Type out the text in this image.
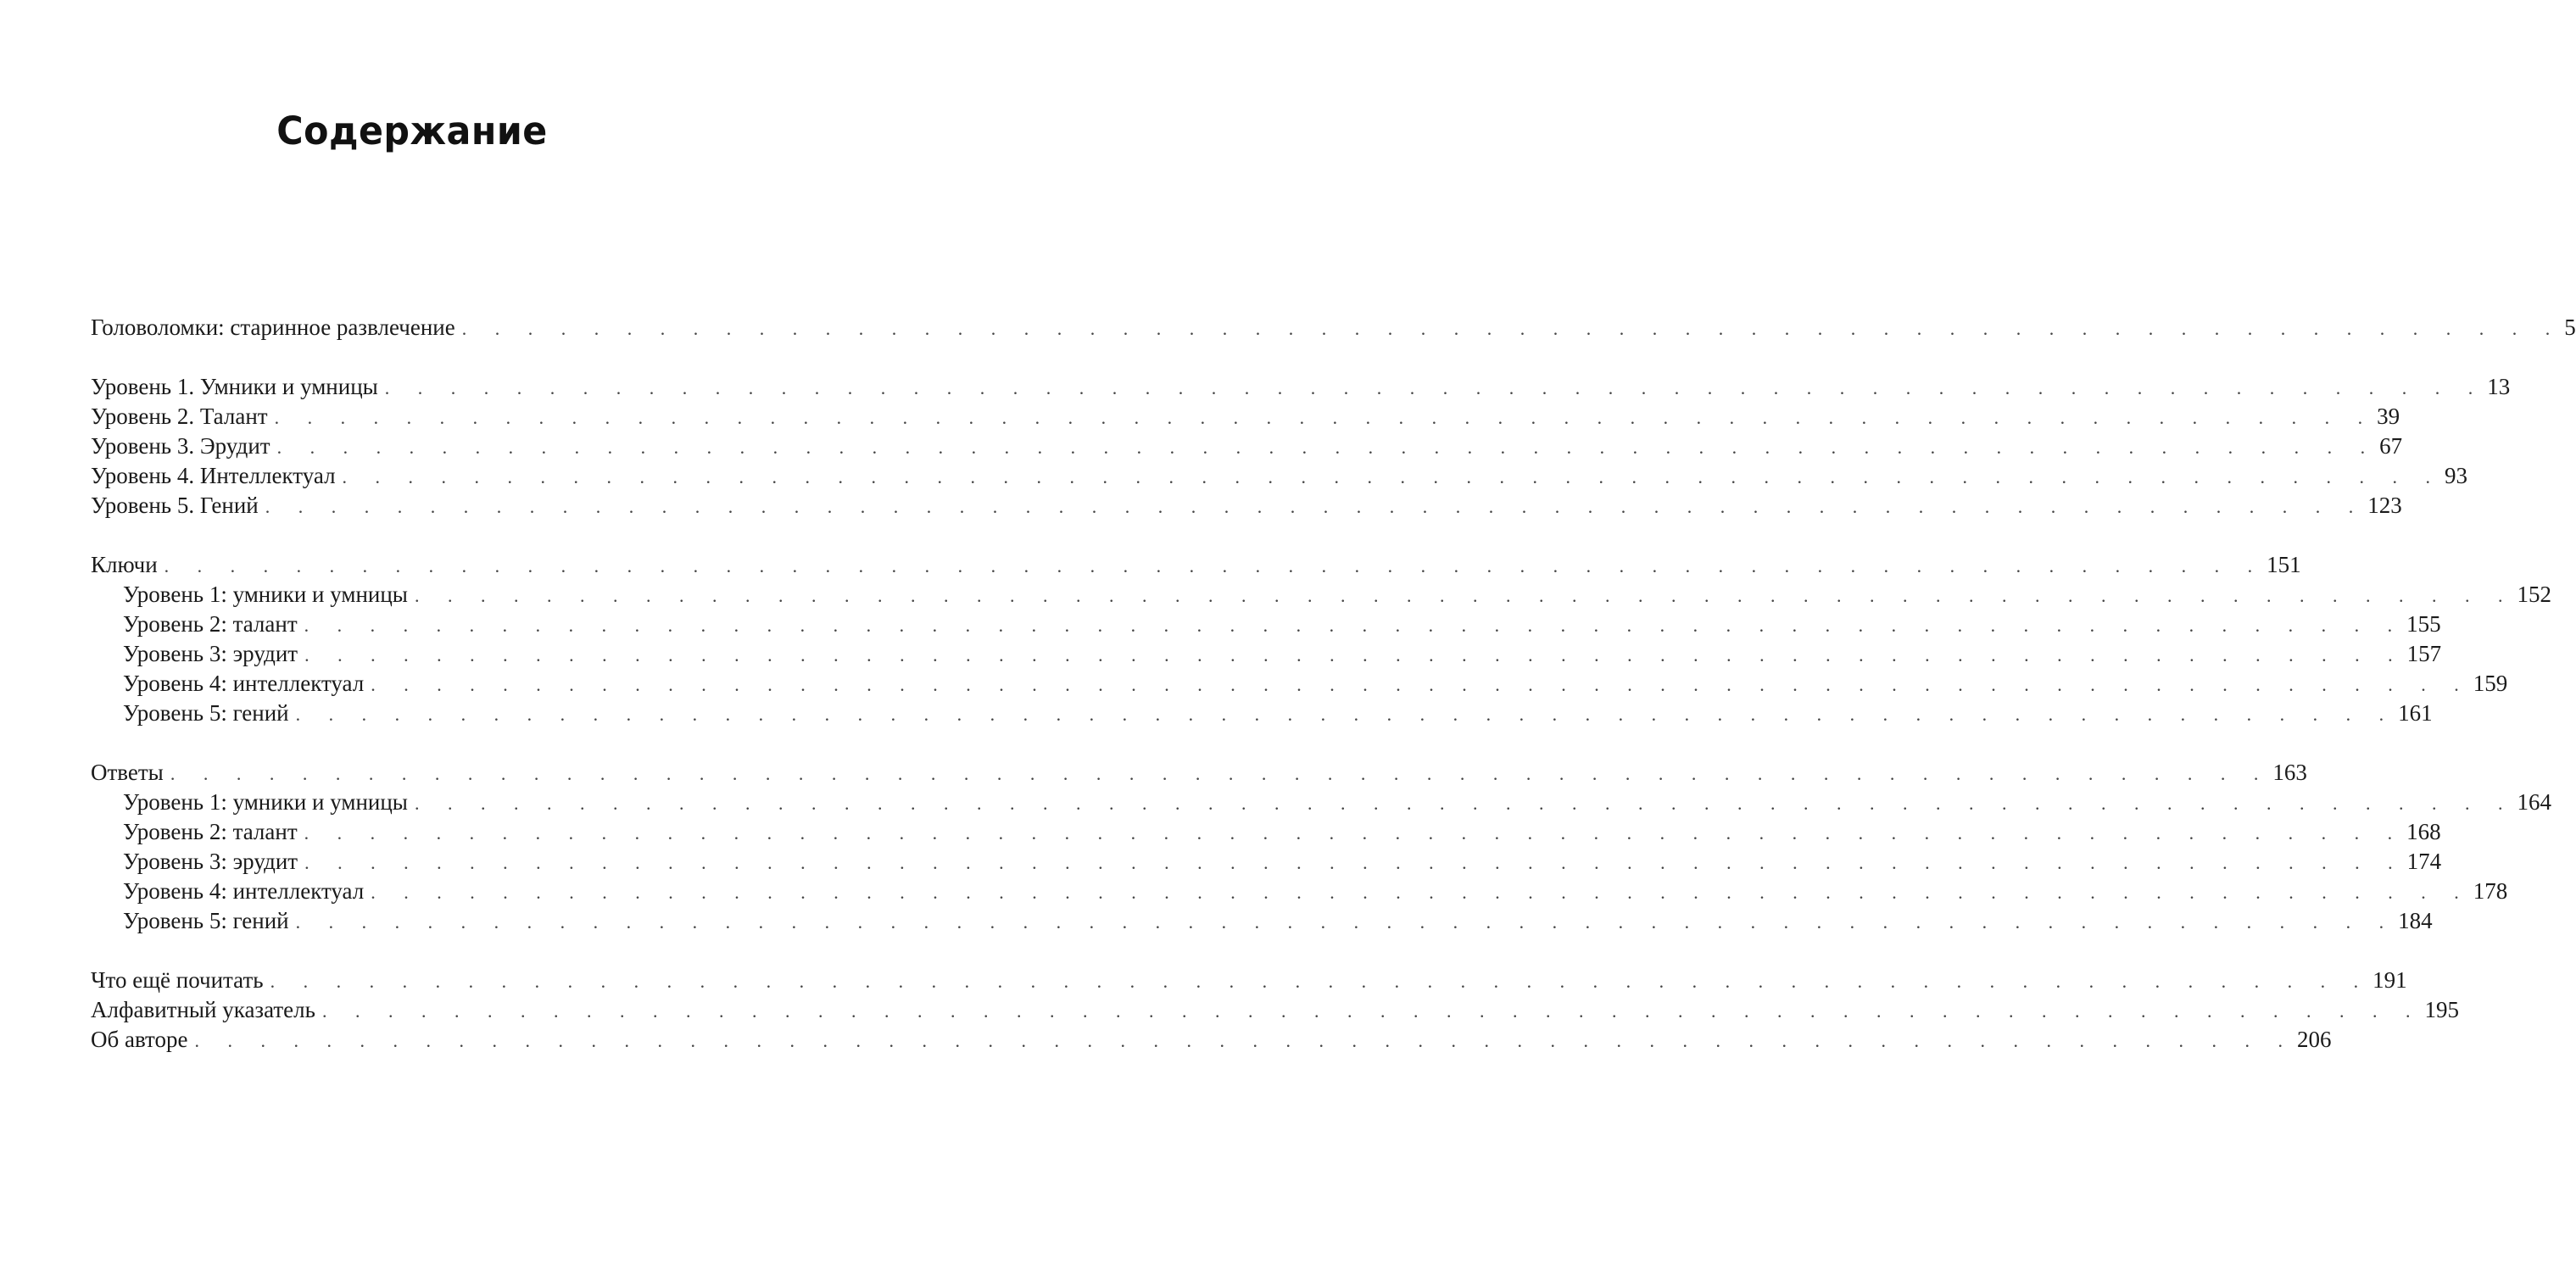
Содержание
Головоломки: старинное развлечение . . . . . . . . . . . . . . . . . . . . . . . . . . . . . . . . . . . . . . . . . . . . . . . . . . . . . . . . . . . . . . . . 5
Уровень 1. Умники и умницы . . . . . . . . . . . . . . . . . . . . . . . . . . . . . . . . . . . . . . . . . . . . . . . . . . . . . . . . . . . . . . . . 13
Уровень 2. Талант . . . . . . . . . . . . . . . . . . . . . . . . . . . . . . . . . . . . . . . . . . . . . . . . . . . . . . . . . . . . . . . . 39
Уровень 3. Эрудит . . . . . . . . . . . . . . . . . . . . . . . . . . . . . . . . . . . . . . . . . . . . . . . . . . . . . . . . . . . . . . . . 67
Уровень 4. Интеллектуал . . . . . . . . . . . . . . . . . . . . . . . . . . . . . . . . . . . . . . . . . . . . . . . . . . . . . . . . . . . . . . . . 93
Уровень 5. Гений . . . . . . . . . . . . . . . . . . . . . . . . . . . . . . . . . . . . . . . . . . . . . . . . . . . . . . . . . . . . . . . . 123
Ключи . . . . . . . . . . . . . . . . . . . . . . . . . . . . . . . . . . . . . . . . . . . . . . . . . . . . . . . . . . . . . . . . 151
Уровень 1: умники и умницы . . . . . . . . . . . . . . . . . . . . . . . . . . . . . . . . . . . . . . . . . . . . . . . . . . . . . . . . . . . . . . . . 152
Уровень 2: талант . . . . . . . . . . . . . . . . . . . . . . . . . . . . . . . . . . . . . . . . . . . . . . . . . . . . . . . . . . . . . . . . 155
Уровень 3: эрудит . . . . . . . . . . . . . . . . . . . . . . . . . . . . . . . . . . . . . . . . . . . . . . . . . . . . . . . . . . . . . . . . 157
Уровень 4: интеллектуал . . . . . . . . . . . . . . . . . . . . . . . . . . . . . . . . . . . . . . . . . . . . . . . . . . . . . . . . . . . . . . . . 159
Уровень 5: гений . . . . . . . . . . . . . . . . . . . . . . . . . . . . . . . . . . . . . . . . . . . . . . . . . . . . . . . . . . . . . . . . 161
Ответы . . . . . . . . . . . . . . . . . . . . . . . . . . . . . . . . . . . . . . . . . . . . . . . . . . . . . . . . . . . . . . . . 163
Уровень 1: умники и умницы . . . . . . . . . . . . . . . . . . . . . . . . . . . . . . . . . . . . . . . . . . . . . . . . . . . . . . . . . . . . . . . . 164
Уровень 2: талант . . . . . . . . . . . . . . . . . . . . . . . . . . . . . . . . . . . . . . . . . . . . . . . . . . . . . . . . . . . . . . . . 168
Уровень 3: эрудит . . . . . . . . . . . . . . . . . . . . . . . . . . . . . . . . . . . . . . . . . . . . . . . . . . . . . . . . . . . . . . . . 174
Уровень 4: интеллектуал . . . . . . . . . . . . . . . . . . . . . . . . . . . . . . . . . . . . . . . . . . . . . . . . . . . . . . . . . . . . . . . . 178
Уровень 5: гений . . . . . . . . . . . . . . . . . . . . . . . . . . . . . . . . . . . . . . . . . . . . . . . . . . . . . . . . . . . . . . . . 184
Что ещё почитать . . . . . . . . . . . . . . . . . . . . . . . . . . . . . . . . . . . . . . . . . . . . . . . . . . . . . . . . . . . . . . . . 191
Алфавитный указатель . . . . . . . . . . . . . . . . . . . . . . . . . . . . . . . . . . . . . . . . . . . . . . . . . . . . . . . . . . . . . . . . 195
Об авторе . . . . . . . . . . . . . . . . . . . . . . . . . . . . . . . . . . . . . . . . . . . . . . . . . . . . . . . . . . . . . . . . 206
